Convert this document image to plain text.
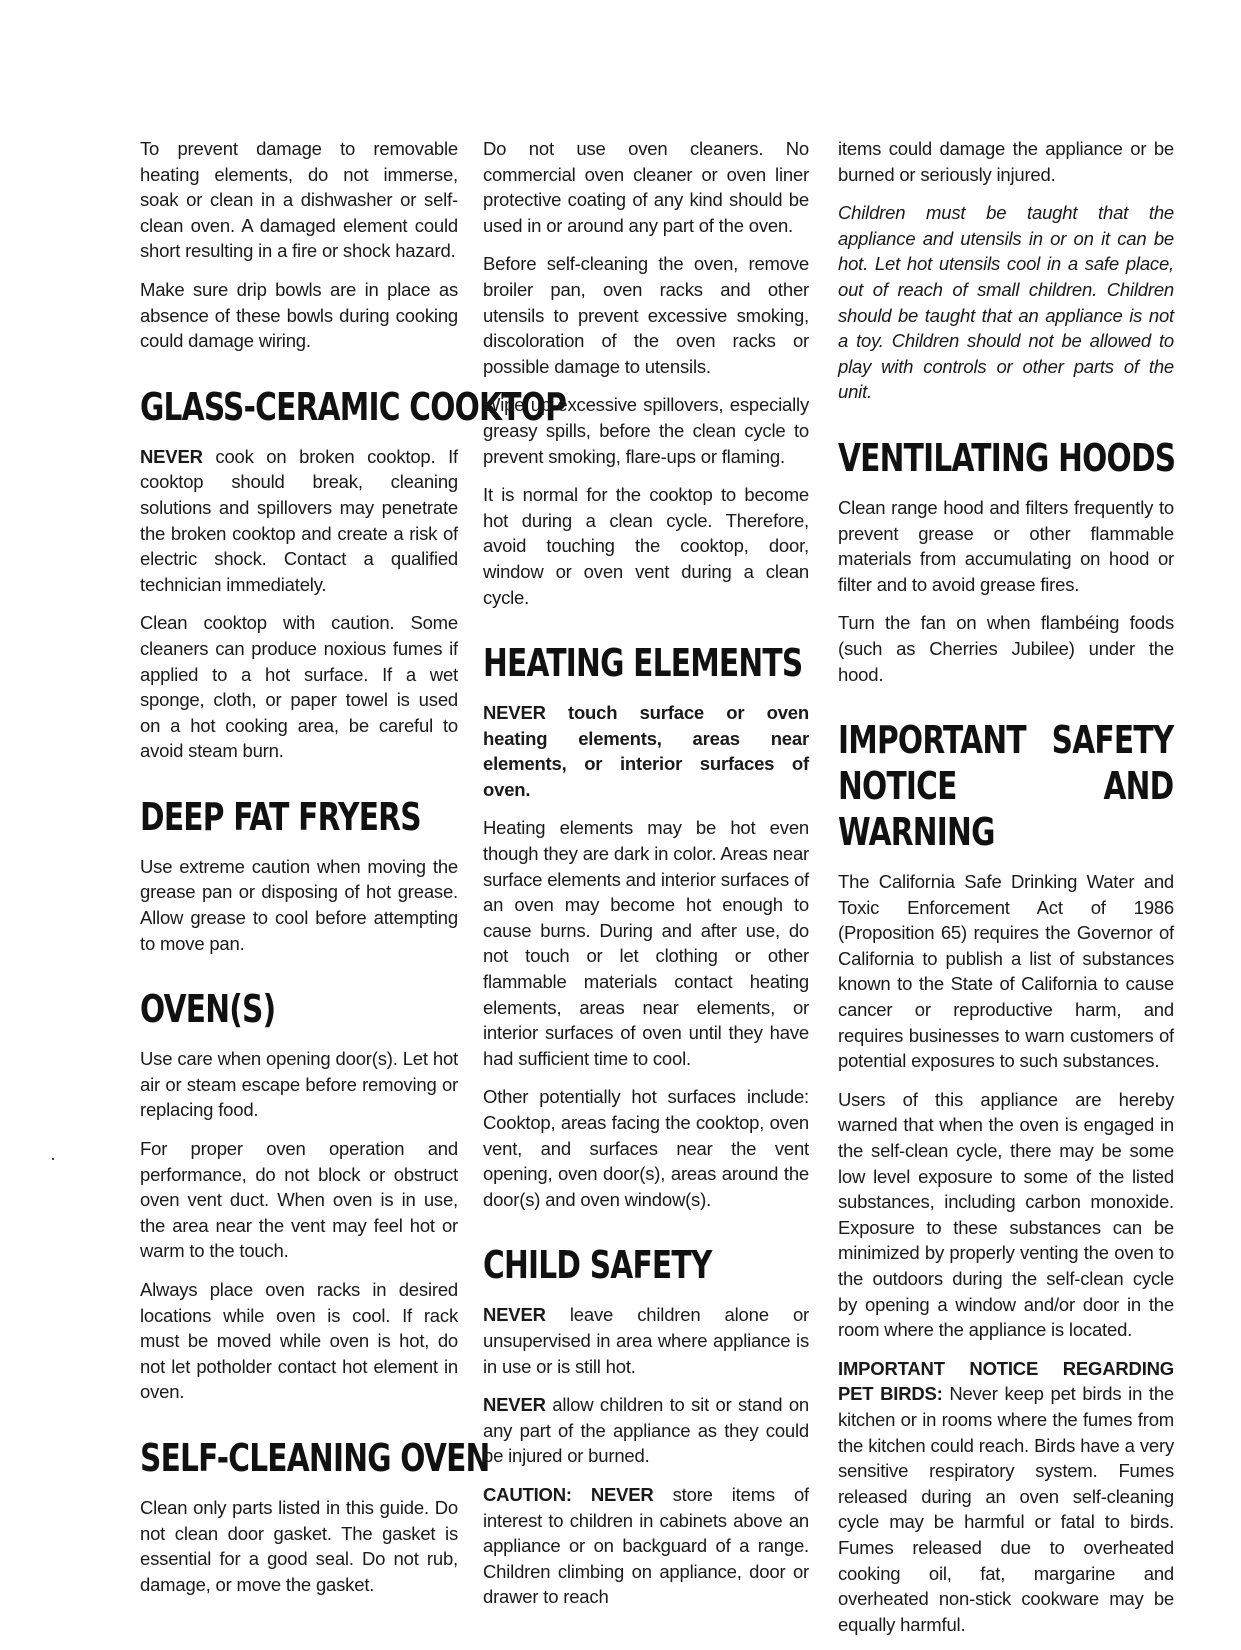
To prevent damage to removable heating elements, do not immerse, soak or clean in a dishwasher or self-clean oven. A damaged element could short resulting in a fire or shock hazard.

Make sure drip bowls are in place as absence of these bowls during cooking could damage wiring.

GLASS-CERAMIC COOKTOP

NEVER cook on broken cooktop. If cooktop should break, cleaning solutions and spillovers may penetrate the broken cooktop and create a risk of electric shock. Contact a qualified technician immediately.

Clean cooktop with caution. Some cleaners can produce noxious fumes if applied to a hot surface. If a wet sponge, cloth, or paper towel is used on a hot cooking area, be careful to avoid steam burn.

DEEP FAT FRYERS

Use extreme caution when moving the grease pan or disposing of hot grease. Allow grease to cool before attempting to move pan.

OVEN(S)

Use care when opening door(s). Let hot air or steam escape before removing or replacing food.

For proper oven operation and performance, do not block or obstruct oven vent duct. When oven is in use, the area near the vent may feel hot or warm to the touch.

Always place oven racks in desired locations while oven is cool. If rack must be moved while oven is hot, do not let potholder contact hot element in oven.

SELF-CLEANING OVEN

Clean only parts listed in this guide. Do not clean door gasket. The gasket is essential for a good seal. Do not rub, damage, or move the gasket.

Do not use oven cleaners. No commercial oven cleaner or oven liner protective coating of any kind should be used in or around any part of the oven.

Before self-cleaning the oven, remove broiler pan, oven racks and other utensils to prevent excessive smoking, discoloration of the oven racks or possible damage to utensils.

Wipe up excessive spillovers, especially greasy spills, before the clean cycle to prevent smoking, flare-ups or flaming.

It is normal for the cooktop to become hot during a clean cycle. Therefore, avoid touching the cooktop, door, window or oven vent during a clean cycle.

HEATING ELEMENTS

NEVER touch surface or oven heating elements, areas near elements, or interior surfaces of oven.

Heating elements may be hot even though they are dark in color. Areas near surface elements and interior surfaces of an oven may become hot enough to cause burns. During and after use, do not touch or let clothing or other flammable materials contact heating elements, areas near elements, or interior surfaces of oven until they have had sufficient time to cool.

Other potentially hot surfaces include: Cooktop, areas facing the cooktop, oven vent, and surfaces near the vent opening, oven door(s), areas around the door(s) and oven window(s).

CHILD SAFETY

NEVER leave children alone or unsupervised in area where appliance is in use or is still hot.

NEVER allow children to sit or stand on any part of the appliance as they could be injured or burned.

CAUTION: NEVER store items of interest to children in cabinets above an appliance or on backguard of a range. Children climbing on appliance, door or drawer to reach

items could damage the appliance or be burned or seriously injured.

Children must be taught that the appliance and utensils in or on it can be hot. Let hot utensils cool in a safe place, out of reach of small children. Children should be taught that an appliance is not a toy. Children should not be allowed to play with controls or other parts of the unit.

VENTILATING HOODS

Clean range hood and filters frequently to prevent grease or other flammable materials from accumulating on hood or filter and to avoid grease fires.

Turn the fan on when flambéing foods (such as Cherries Jubilee) under the hood.

IMPORTANT SAFETY NOTICE AND WARNING

The California Safe Drinking Water and Toxic Enforcement Act of 1986 (Proposition 65) requires the Governor of California to publish a list of substances known to the State of California to cause cancer or reproductive harm, and requires businesses to warn customers of potential exposures to such substances.

Users of this appliance are hereby warned that when the oven is engaged in the self-clean cycle, there may be some low level exposure to some of the listed substances, including carbon monoxide. Exposure to these substances can be minimized by properly venting the oven to the outdoors during the self-clean cycle by opening a window and/or door in the room where the appliance is located.

IMPORTANT NOTICE REGARDING PET BIRDS: Never keep pet birds in the kitchen or in rooms where the fumes from the kitchen could reach. Birds have a very sensitive respiratory system. Fumes released during an oven self-cleaning cycle may be harmful or fatal to birds. Fumes released due to overheated cooking oil, fat, margarine and overheated non-stick cookware may be equally harmful.
